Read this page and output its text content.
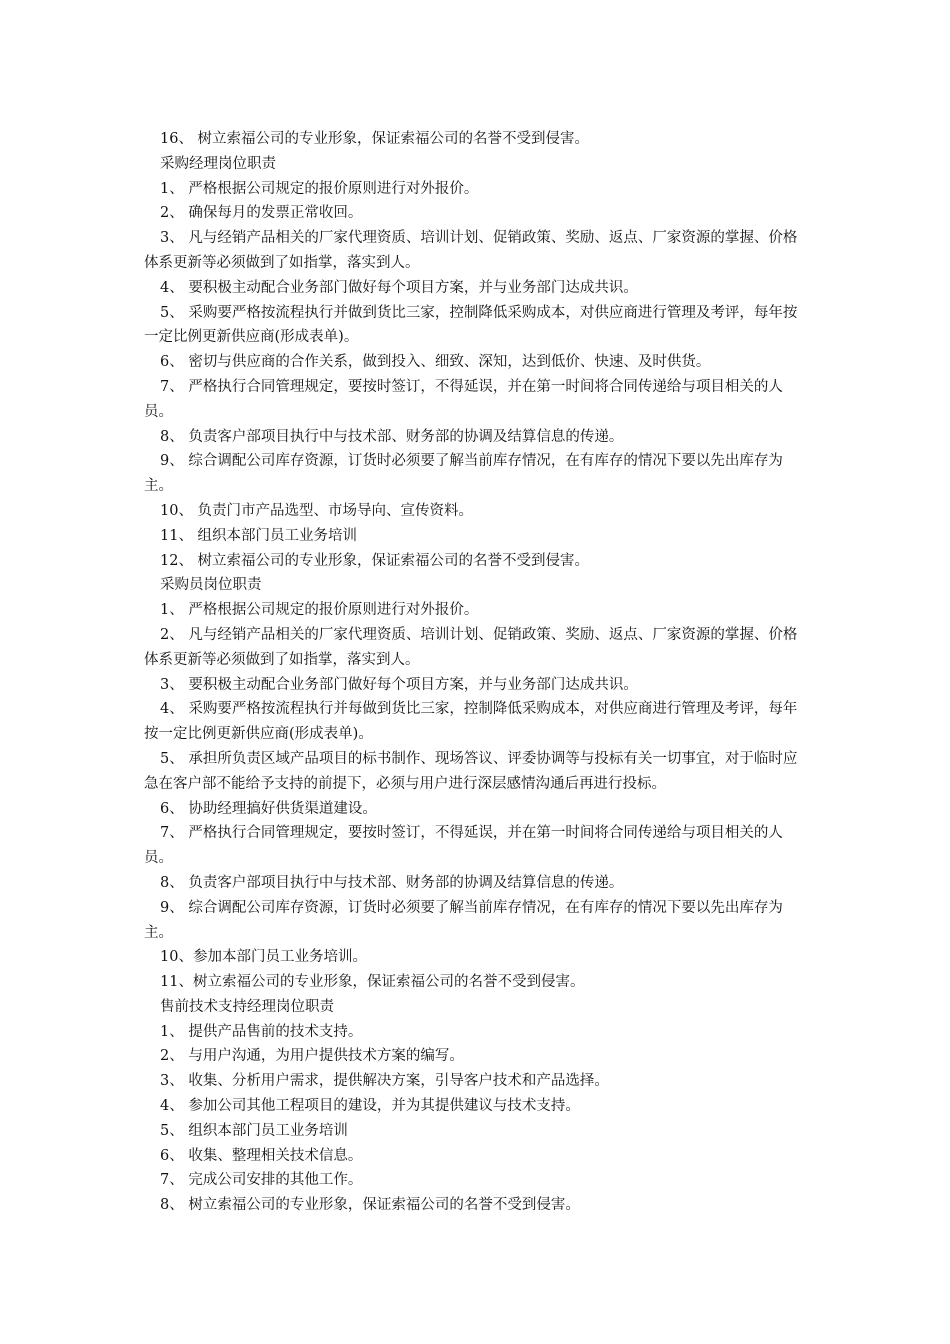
16、 树立索福公司的专业形象，保证索福公司的名誉不受到侵害。

采购经理岗位职责

1、 严格根据公司规定的报价原则进行对外报价。

2、 确保每月的发票正常收回。

3、 凡与经销产品相关的厂家代理资质、培训计划、促销政策、奖励、返点、厂家资源的掌握、价格体系更新等必须做到了如指掌，落实到人。

4、 要积极主动配合业务部门做好每个项目方案，并与业务部门达成共识。

5、 采购要严格按流程执行并做到货比三家，控制降低采购成本，对供应商进行管理及考评，每年按一定比例更新供应商(形成表单)。

6、 密切与供应商的合作关系，做到投入、细致、深知，达到低价、快速、及时供货。

7、 严格执行合同管理规定，要按时签订，不得延误，并在第一时间将合同传递给与项目相关的人员。

8、 负责客户部项目执行中与技术部、财务部的协调及结算信息的传递。

9、 综合调配公司库存资源，订货时必须要了解当前库存情况，在有库存的情况下要以先出库存为主。

10、 负责门市产品选型、市场导向、宣传资料。

11、 组织本部门员工业务培训

12、 树立索福公司的专业形象，保证索福公司的名誉不受到侵害。

采购员岗位职责

1、 严格根据公司规定的报价原则进行对外报价。

2、 凡与经销产品相关的厂家代理资质、培训计划、促销政策、奖励、返点、厂家资源的掌握、价格体系更新等必须做到了如指掌，落实到人。

3、 要积极主动配合业务部门做好每个项目方案，并与业务部门达成共识。

4、 采购要严格按流程执行并每做到货比三家，控制降低采购成本，对供应商进行管理及考评，每年按一定比例更新供应商(形成表单)。

5、 承担所负责区域产品项目的标书制作、现场答议、评委协调等与投标有关一切事宜，对于临时应急在客户部不能给予支持的前提下，必须与用户进行深层感情沟通后再进行投标。

6、 协助经理搞好供货渠道建设。

7、 严格执行合同管理规定，要按时签订，不得延误，并在第一时间将合同传递给与项目相关的人员。

8、 负责客户部项目执行中与技术部、财务部的协调及结算信息的传递。

9、 综合调配公司库存资源，订货时必须要了解当前库存情况，在有库存的情况下要以先出库存为主。

10、参加本部门员工业务培训。

11、树立索福公司的专业形象，保证索福公司的名誉不受到侵害。

售前技术支持经理岗位职责

1、 提供产品售前的技术支持。

2、 与用户沟通，为用户提供技术方案的编写。

3、 收集、分析用户需求，提供解决方案，引导客户技术和产品选择。

4、 参加公司其他工程项目的建设，并为其提供建议与技术支持。

5、 组织本部门员工业务培训

6、 收集、整理相关技术信息。

7、 完成公司安排的其他工作。

8、 树立索福公司的专业形象，保证索福公司的名誉不受到侵害。
